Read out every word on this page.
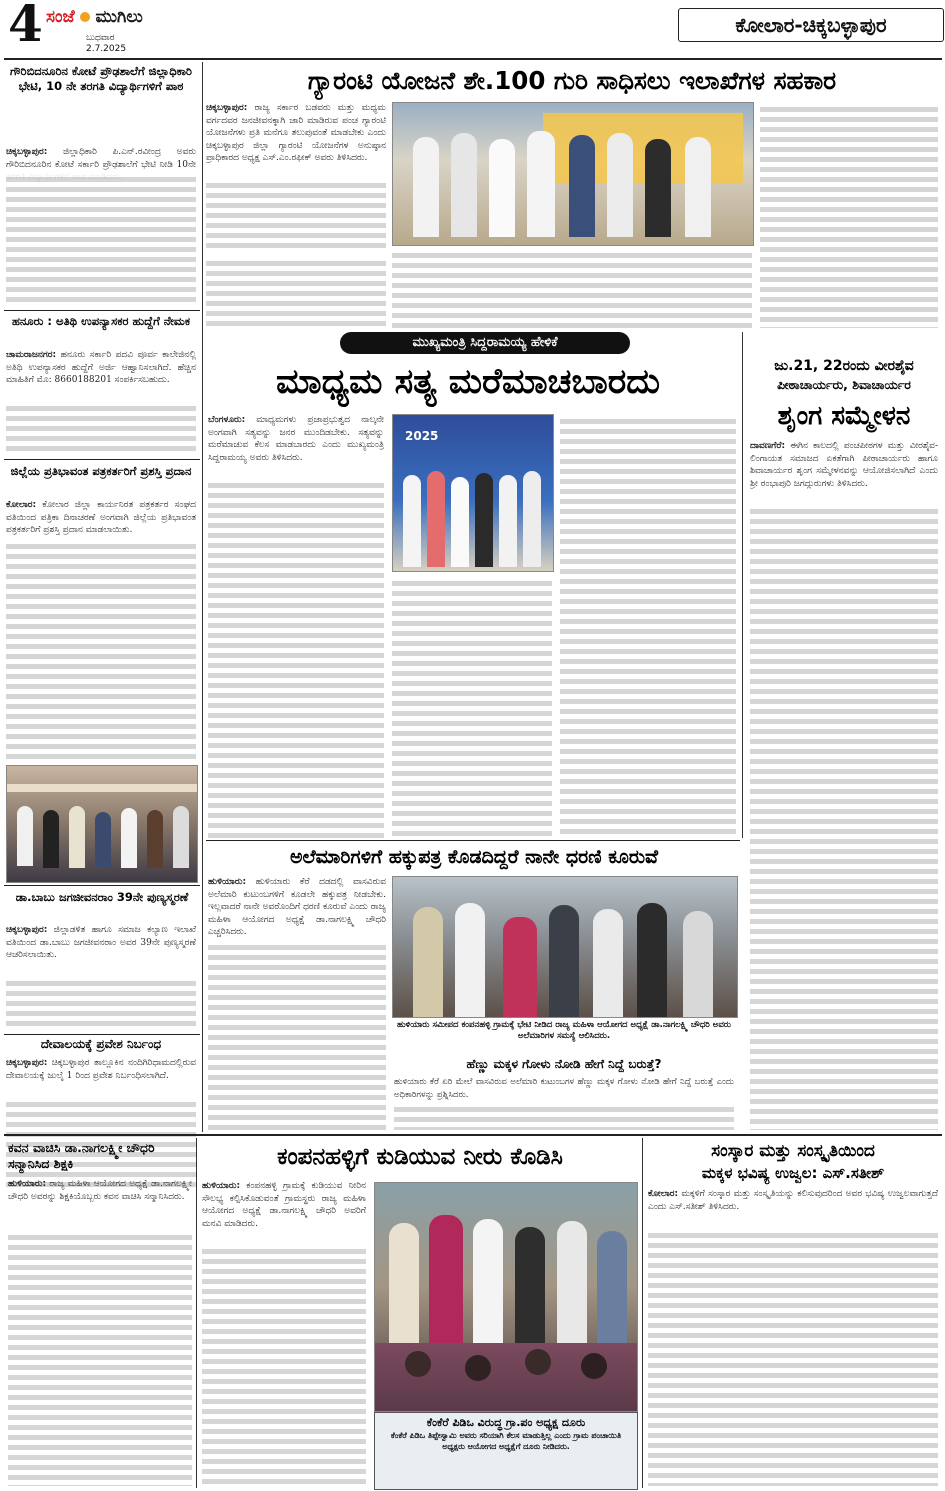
4 ಸಂಜೆ ಮುಗಿಲು
ಬುಧವಾರ
2.7.2025
ಕೋಲಾರ-ಚಿಕ್ಕಬಳ್ಳಾಪುರ
ಗೌರಿಬಿದನೂರಿನ ಕೋಟೆ ಪ್ರೌಢಶಾಲೆಗೆ ಜಿಲ್ಲಾಧಿಕಾರಿ ಭೇಟಿ, 10 ನೇ ತರಗತಿ ವಿದ್ಯಾರ್ಥಿಗಳಿಗೆ ಪಾಠ
ಚಿಕ್ಕಬಳ್ಳಾಪುರ: ಜಿಲ್ಲಾಧಿಕಾರಿ ಪಿ.ಎನ್.ರವೀಂದ್ರ ಅವರು ಗೌರಿಬಿದನೂರಿನ ಕೋಟೆ ಸರ್ಕಾರಿ ಪ್ರೌಢಶಾಲೆಗೆ ಭೇಟಿ ನೀಡಿ 10ನೇ
ಹನೂರು : ಅತಿಥಿ ಉಪನ್ಯಾಸಕರ ಹುದ್ದೆಗೆ ನೇಮಕ
ಚಾಮರಾಜನಗರ: ಹನೂರು ಸರ್ಕಾರಿ ಪದವಿ ಪೂರ್ವ ಕಾಲೇಜಿನಲ್ಲಿ ಅತಿಥಿ ಉಪನ್ಯಾಸಕರ ಹುದ್ದೆಗೆ ಅರ್ಜಿ ಆಹ್ವಾನಿಸಲಾಗಿದೆ. ಹೆಚ್ಚಿನ ಮಾಹಿತಿಗೆ ಮೊ: 8660188201 ಸಂಪರ್ಕಿಸಬಹುದು.
ಜಿಲ್ಲೆಯ ಪ್ರತಿಭಾವಂತ ಪತ್ರಕರ್ತರಿಗೆ ಪ್ರಶಸ್ತಿ ಪ್ರದಾನ
ಕೋಲಾರ: ಕೋಲಾರ ಜಿಲ್ಲಾ ಕಾರ್ಯನಿರತ ಪತ್ರಕರ್ತರ ಸಂಘದ ವತಿಯಿಂದ ಪತ್ರಿಕಾ ದಿನಾಚರಣೆ ಅಂಗವಾಗಿ ಜಿಲ್ಲೆಯ ಪ್ರತಿಭಾವಂತ ಪತ್ರಕರ್ತರಿಗೆ ಪ್ರಶಸ್ತಿ ಪ್ರದಾನ ಮಾಡಲಾಯಿತು.
ಡಾ.ಬಾಬು ಜಗಜೀವನರಾಂ 39ನೇ ಪುಣ್ಯಸ್ಮರಣೆ
ಚಿಕ್ಕಬಳ್ಳಾಪುರ: ಜಿಲ್ಲಾಡಳಿತ ಹಾಗೂ ಸಮಾಜ ಕಲ್ಯಾಣ ಇಲಾಖೆ ವತಿಯಿಂದ ಡಾ.ಬಾಬು ಜಗಜೀವನರಾಂ ಅವರ 39ನೇ ಪುಣ್ಯಸ್ಮರಣೆ ಆಚರಿಸಲಾಯಿತು.
ದೇವಾಲಯಕ್ಕೆ ಪ್ರವೇಶ ನಿರ್ಬಂಧ
ಚಿಕ್ಕಬಳ್ಳಾಪುರ: ಚಿಕ್ಕಬಳ್ಳಾಪುರ ತಾಲ್ಲೂಕಿನ ನಂದಿಗಿರಿಧಾಮದಲ್ಲಿರುವ ದೇವಾಲಯಕ್ಕೆ ಜುಲೈ 1 ರಿಂದ ಪ್ರವೇಶ ನಿರ್ಬಂಧಿಸಲಾಗಿದೆ.
ಗ್ಯಾರಂಟಿ ಯೋಜನೆ ಶೇ.100 ಗುರಿ ಸಾಧಿಸಲು ಇಲಾಖೆಗಳ ಸಹಕಾರ
ಚಿಕ್ಕಬಳ್ಳಾಪುರ: ರಾಜ್ಯ ಸರ್ಕಾರ ಬಡವರು ಮತ್ತು ಮಧ್ಯಮ ವರ್ಗದವರ ಜನಜೀವನಕ್ಕಾಗಿ ಜಾರಿ ಮಾಡಿರುವ ಪಂಚ ಗ್ಯಾರಂಟಿ ಯೋಜನೆಗಳು ಪ್ರತಿ ಮನೆಗೂ ತಲುಪುವಂತೆ ಮಾಡಬೇಕು ಎಂದು ಚಿಕ್ಕಬಳ್ಳಾಪುರ ಜಿಲ್ಲಾ ಗ್ಯಾರಂಟಿ ಯೋಜನೆಗಳ ಅನುಷ್ಠಾನ ಪ್ರಾಧಿಕಾರದ ಅಧ್ಯಕ್ಷ ಎಸ್.ಎಂ.ರಫೀಕ್ ಅವರು ತಿಳಿಸಿದರು.
ಮುಖ್ಯಮಂತ್ರಿ ಸಿದ್ದರಾಮಯ್ಯ ಹೇಳಿಕೆ
ಮಾಧ್ಯಮ ಸತ್ಯ ಮರೆಮಾಚಬಾರದು
ಬೆಂಗಳೂರು: ಮಾಧ್ಯಮಗಳು ಪ್ರಜಾಪ್ರಭುತ್ವದ ನಾಲ್ಕನೇ ಅಂಗವಾಗಿ ಸತ್ಯವನ್ನು ಜನರ ಮುಂದಿಡಬೇಕು. ಸತ್ಯವನ್ನು ಮರೆಮಾಚುವ ಕೆಲಸ ಮಾಡಬಾರದು ಎಂದು ಮುಖ್ಯಮಂತ್ರಿ ಸಿದ್ದರಾಮಯ್ಯ ಅವರು ತಿಳಿಸಿದರು.
2025
ಜು.21, 22ರಂದು ವೀರಶೈವ
ಪೀಠಾಚಾರ್ಯರು, ಶಿವಾಚಾರ್ಯರ
ಶೃಂಗ ಸಮ್ಮೇಳನ
ದಾವಣಗೆರೆ: ಈಗಿನ ಕಾಲದಲ್ಲಿ ಪಂಚಪೀಠಗಳ ಮತ್ತು ವೀರಶೈವ-ಲಿಂಗಾಯತ ಸಮಾಜದ ಏಕತೆಗಾಗಿ ಪೀಠಾಚಾರ್ಯರು ಹಾಗೂ ಶಿವಾಚಾರ್ಯರ ಶೃಂಗ ಸಮ್ಮೇಳನವನ್ನು ಆಯೋಜಿಸಲಾಗಿದೆ ಎಂದು ಶ್ರೀ ರಂಭಾಪುರಿ ಜಗದ್ಗುರುಗಳು ತಿಳಿಸಿದರು.
ಅಲೆಮಾರಿಗಳಿಗೆ ಹಕ್ಕುಪತ್ರ ಕೊಡದಿದ್ದರೆ ನಾನೇ ಧರಣಿ ಕೂರುವೆ
ಹುಳಿಯಾರು: ಹುಳಿಯಾರು ಕೆರೆ ದಡದಲ್ಲಿ ವಾಸವಿರುವ ಅಲೆಮಾರಿ ಕುಟುಂಬಗಳಿಗೆ ಕೂಡಲೇ ಹಕ್ಕುಪತ್ರ ನೀಡಬೇಕು. ಇಲ್ಲವಾದರೆ ನಾನೇ ಅವರೊಂದಿಗೆ ಧರಣಿ ಕೂರುವೆ ಎಂದು ರಾಜ್ಯ ಮಹಿಳಾ ಆಯೋಗದ ಅಧ್ಯಕ್ಷೆ ಡಾ.ನಾಗಲಕ್ಷ್ಮಿ ಚೌಧರಿ ಎಚ್ಚರಿಸಿದರು.
ಹುಳಿಯಾರು ಸಮೀಪದ ಕಂಪನಹಳ್ಳಿ ಗ್ರಾಮಕ್ಕೆ ಭೇಟಿ ನೀಡಿದ ರಾಜ್ಯ ಮಹಿಳಾ ಆಯೋಗದ ಅಧ್ಯಕ್ಷೆ ಡಾ.ನಾಗಲಕ್ಷ್ಮಿ ಚೌಧರಿ ಅವರು ಅಲೆಮಾರಿಗಳ ಸಮಸ್ಯೆ ಆಲಿಸಿದರು.
ಹೆಣ್ಣು ಮಕ್ಕಳ ಗೋಳು ನೋಡಿ ಹೇಗೆ ನಿದ್ದೆ ಬರುತ್ತೆ?
ಹುಳಿಯಾರು ಕೆರೆ ಏರಿ ಮೇಲೆ ವಾಸವಿರುವ ಅಲೆಮಾರಿ ಕುಟುಂಬಗಳ ಹೆಣ್ಣು ಮಕ್ಕಳ ಗೋಳು ನೋಡಿ ಹೇಗೆ ನಿದ್ದೆ ಬರುತ್ತೆ ಎಂದು ಅಧಿಕಾರಿಗಳನ್ನು ಪ್ರಶ್ನಿಸಿದರು.
ಕವನ ವಾಚಿಸಿ ಡಾ.ನಾಗಲಕ್ಷ್ಮೀ ಚೌಧರಿ ಸನ್ಮಾನಿಸಿದ ಶಿಕ್ಷಕಿ
ಹುಳಿಯಾರು: ರಾಜ್ಯ ಮಹಿಳಾ ಆಯೋಗದ ಅಧ್ಯಕ್ಷೆ ಡಾ.ನಾಗಲಕ್ಷ್ಮೀ ಚೌಧರಿ ಅವರನ್ನು ಶಿಕ್ಷಕಿಯೊಬ್ಬರು ಕವನ ವಾಚಿಸಿ ಸನ್ಮಾನಿಸಿದರು.
ಕಂಪನಹಳ್ಳಿಗೆ ಕುಡಿಯುವ ನೀರು ಕೊಡಿಸಿ
ಹುಳಿಯಾರು: ಕಂಪನಹಳ್ಳಿ ಗ್ರಾಮಕ್ಕೆ ಕುಡಿಯುವ ನೀರಿನ ಸೌಲಭ್ಯ ಕಲ್ಪಿಸಿಕೊಡುವಂತೆ ಗ್ರಾಮಸ್ಥರು ರಾಜ್ಯ ಮಹಿಳಾ ಆಯೋಗದ ಅಧ್ಯಕ್ಷೆ ಡಾ.ನಾಗಲಕ್ಷ್ಮಿ ಚೌಧರಿ ಅವರಿಗೆ ಮನವಿ ಮಾಡಿದರು.
ಕೆಂಕೆರೆ ಪಿಡಿಒ ವಿರುದ್ಧ ಗ್ರಾ.ಪಂ ಅಧ್ಯಕ್ಷ ದೂರು
ಕೆಂಕೆರೆ ಪಿಡಿಒ ತಿಪ್ಪೇಸ್ವಾಮಿ ಅವರು ಸರಿಯಾಗಿ ಕೆಲಸ ಮಾಡುತ್ತಿಲ್ಲ ಎಂದು ಗ್ರಾಮ ಪಂಚಾಯಿತಿ ಅಧ್ಯಕ್ಷರು ಆಯೋಗದ ಅಧ್ಯಕ್ಷೆಗೆ ದೂರು ನೀಡಿದರು.
ಸಂಸ್ಕಾರ ಮತ್ತು ಸಂಸ್ಕೃತಿಯಿಂದ
ಮಕ್ಕಳ ಭವಿಷ್ಯ ಉಜ್ವಲ: ಎಸ್.ಸತೀಶ್
ಕೋಲಾರ: ಮಕ್ಕಳಿಗೆ ಸಂಸ್ಕಾರ ಮತ್ತು ಸಂಸ್ಕೃತಿಯನ್ನು ಕಲಿಸುವುದರಿಂದ ಅವರ ಭವಿಷ್ಯ ಉಜ್ವಲವಾಗುತ್ತದೆ ಎಂದು ಎಸ್.ಸತೀಶ್ ತಿಳಿಸಿದರು.
